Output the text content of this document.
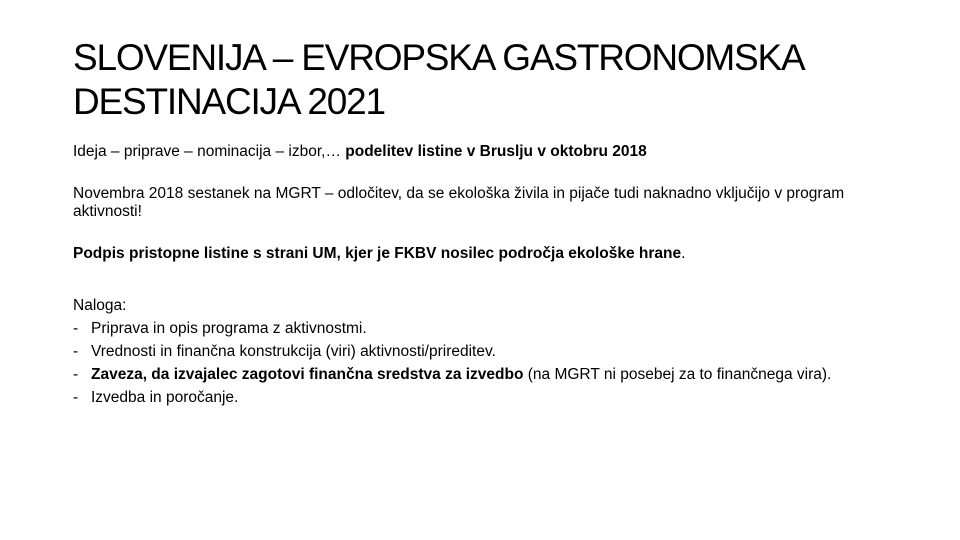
SLOVENIJA – EVROPSKA GASTRONOMSKA
DESTINACIJA 2021

Ideja – priprave – nominacija – izbor,… podelitev listine v Bruslju v oktobru 2018

Novembra 2018 sestanek na MGRT – odločitev, da se ekološka živila in pijače tudi naknadno vključijo v program aktivnosti!

Podpis pristopne listine s strani UM, kjer je FKBV nosilec področja ekološke hrane.

Naloga:

- Priprava in opis programa z aktivnostmi.
- Vrednosti in finančna konstrukcija (viri) aktivnosti/prireditev.
- Zaveza, da izvajalec zagotovi finančna sredstva za izvedbo (na MGRT ni posebej za to finančnega vira).
- Izvedba in poročanje.
